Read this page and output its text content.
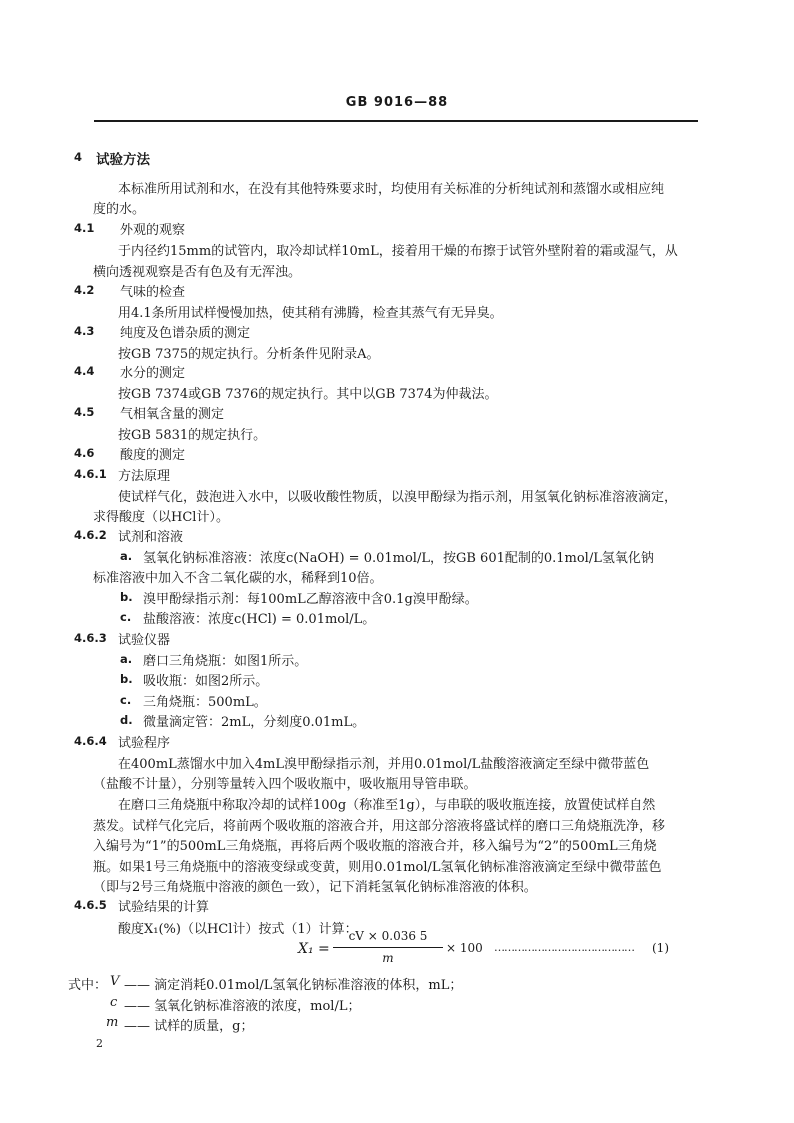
GB 9016—88
4 试验方法
本标准所用试剂和水，在没有其他特殊要求时，均使用有关标准的分析纯试剂和蒸馏水或相应纯
度的水。
4.1 外观的观察
于内径约15mm的试管内，取冷却试样10mL，接着用干燥的布擦于试管外壁附着的霜或湿气，从
横向透视观察是否有色及有无浑浊。
4.2 气味的检查
用4.1条所用试样慢慢加热，使其稍有沸腾，检查其蒸气有无异臭。
4.3 纯度及色谱杂质的测定
按GB 7375的规定执行。分析条件见附录A。
4.4 水分的测定
按GB 7374或GB 7376的规定执行。其中以GB 7374为仲裁法。
4.5 气相氧含量的测定
按GB 5831的规定执行。
4.6 酸度的测定
4.6.1 方法原理
使试样气化，鼓泡进入水中，以吸收酸性物质，以溴甲酚绿为指示剂，用氢氧化钠标准溶液滴定，
求得酸度（以HCl计）。
4.6.2 试剂和溶液
a. 氢氧化钠标准溶液：浓度c(NaOH) = 0.01mol/L，按GB 601配制的0.1mol/L氢氧化钠
标准溶液中加入不含二氧化碳的水，稀释到10倍。
b. 溴甲酚绿指示剂：每100mL乙醇溶液中含0.1g溴甲酚绿。
c. 盐酸溶液：浓度c(HCl) = 0.01mol/L。
4.6.3 试验仪器
a. 磨口三角烧瓶：如图1所示。
b. 吸收瓶：如图2所示。
c. 三角烧瓶：500mL。
d. 微量滴定管：2mL，分刻度0.01mL。
4.6.4 试验程序
在400mL蒸馏水中加入4mL溴甲酚绿指示剂，并用0.01mol/L盐酸溶液滴定至绿中微带蓝色
（盐酸不计量），分别等量转入四个吸收瓶中，吸收瓶用导管串联。
在磨口三角烧瓶中称取冷却的试样100g（称准至1g），与串联的吸收瓶连接，放置使试样自然
蒸发。试样气化完后，将前两个吸收瓶的溶液合并，用这部分溶液将盛试样的磨口三角烧瓶洗净，移
入编号为“1”的500mL三角烧瓶，再将后两个吸收瓶的溶液合并，移入编号为“2”的500mL三角烧
瓶。如果1号三角烧瓶中的溶液变绿或变黄，则用0.01mol/L氢氧化钠标准溶液滴定至绿中微带蓝色
（即与2号三角烧瓶中溶液的颜色一致），记下消耗氢氧化钠标准溶液的体积。
4.6.5 试验结果的计算
酸度X₁(%)（以HCl计）按式（1）计算：
X₁ =
cV × 0.036 5
m
× 100 …………………………………… (1)
式中： V —— 滴定消耗0.01mol/L氢氧化钠标准溶液的体积，mL；
c —— 氢氧化钠标准溶液的浓度，mol/L；
m —— 试样的质量，g；
2
